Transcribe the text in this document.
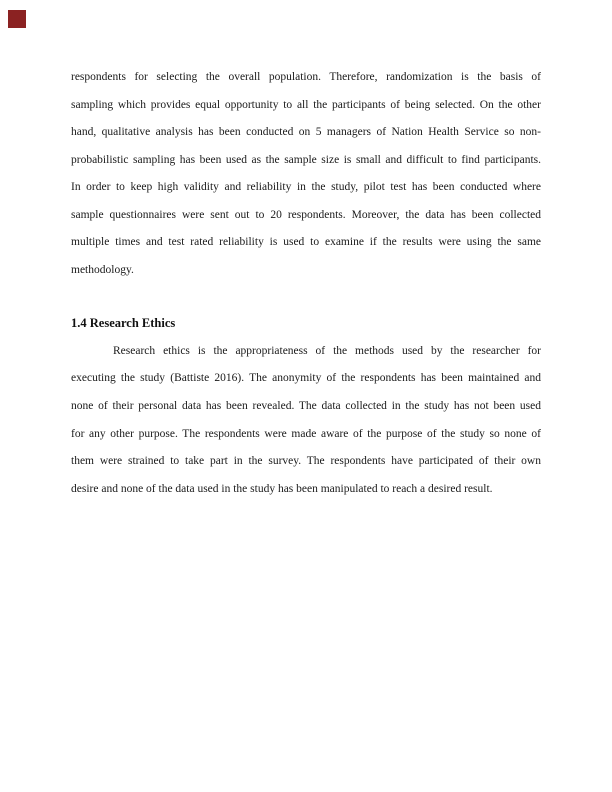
respondents for selecting the overall population. Therefore, randomization is the basis of

sampling which provides equal opportunity to all the participants of being selected. On the other

hand, qualitative analysis has been conducted on 5 managers of Nation Health Service so non-

probabilistic sampling has been used as the sample size is small and difficult to find participants.

In order to keep high validity and reliability in the study, pilot test has been conducted where

sample questionnaires were sent out to 20 respondents. Moreover, the data has been collected

multiple times and test rated reliability is used to examine if the results were using the same

methodology.

1.4 Research Ethics

Research ethics is the appropriateness of the methods used by the researcher for

executing the study (Battiste 2016). The anonymity of the respondents has been maintained and

none of their personal data has been revealed. The data collected in the study has not been used

for any other purpose. The respondents were made aware of the purpose of the study so none of

them were strained to take part in the survey. The respondents have participated of their own

desire and none of the data used in the study has been manipulated to reach a desired result.
